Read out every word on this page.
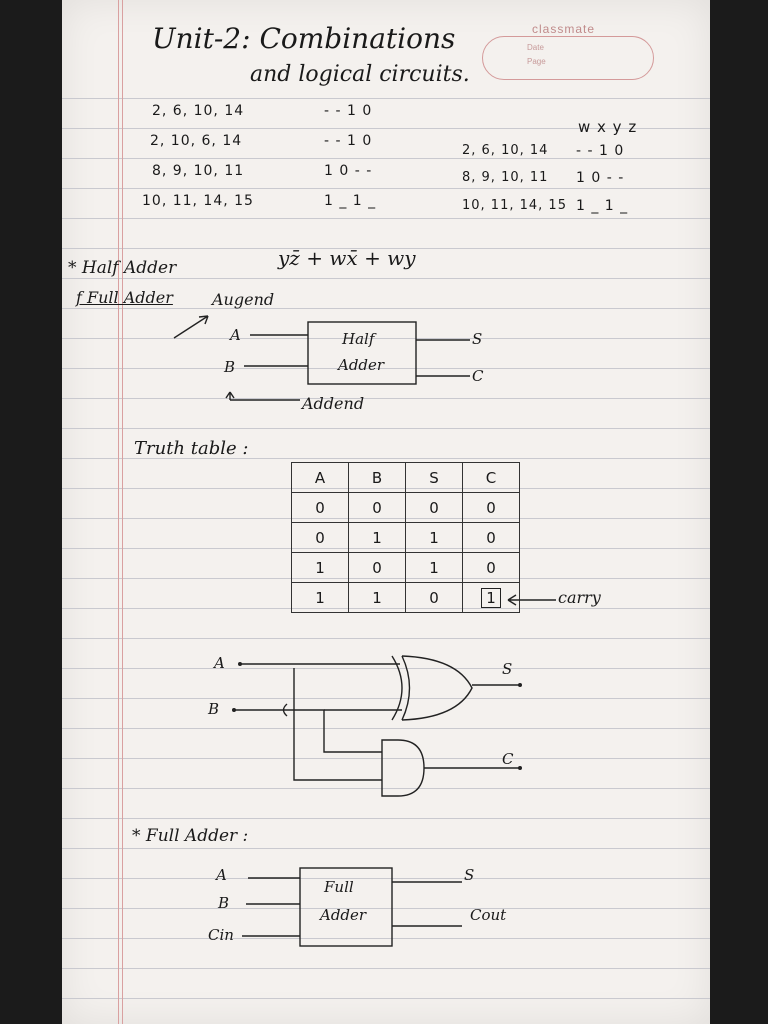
classmate
Date
Page
Unit-2: Combinations
and logical circuits.
2, 6, 10, 14	- - 1 0
2, 10, 6, 14	- - 1 0
8, 9, 10, 11	1 0 - -
10, 11, 14, 15	1 _ 1 _
w x y z
2, 6, 10, 14 - - 1 0
8, 9, 10, 11 1 0 - -
10, 11, 14, 15 1 _ 1 _
yz̄ + wx̄ + wy
* Half Adder
f Full Adder Augend
Addend
A
B
Half
Adder
S
C
Truth table :
A	B	S	C
0	0	0	0
0	1	1	0
1	0	1	0
1	1	0	1	carry
A
B
S
C
* Full Adder :
A
B
Cin
Full
Adder
S
Cout
